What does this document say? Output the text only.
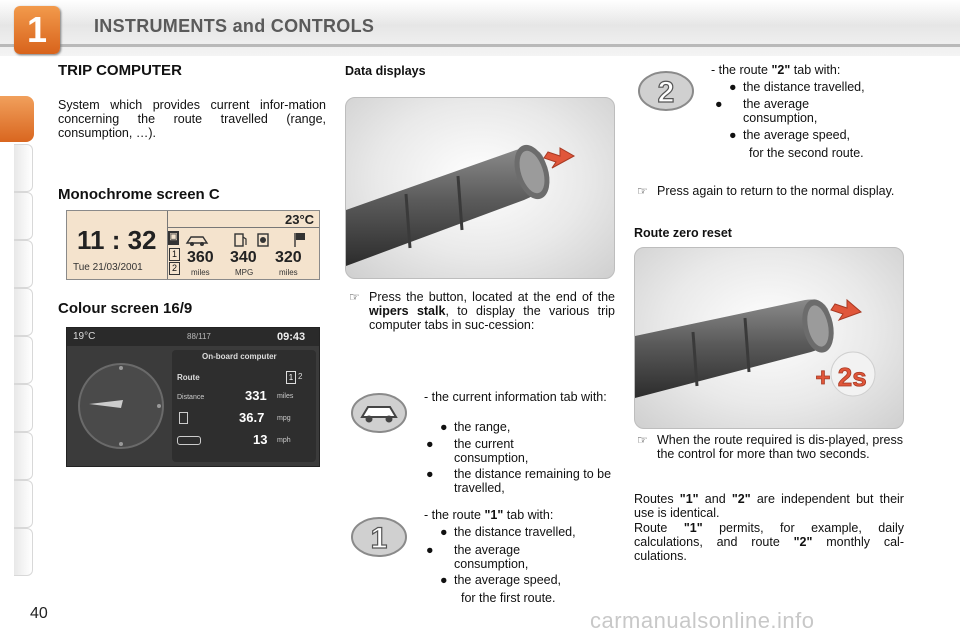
1	INSTRUMENTS and CONTROLS
TRIP COMPUTER
System which provides current infor-mation concerning the route travelled (range, consumption, …).
Monochrome screen C
11 : 32
Tue 21/03/2001
23°C
▣
1
2
360 340 320
miles	MPG	miles
Colour screen 16/9
19°C	88/117	09:43
On-board computer
Route	1 2
Distance	331 miles
36.7 mpg
13 mph
Data displays
☞ Press the button, located at the end of the wipers stalk, to display the various trip computer tabs in suc-cession:
- the current information tab with:
● the range,
● the current consumption,
● the distance remaining to be travelled,
1
- the route "1" tab with:
● the distance travelled,
● the average consumption,
● the average speed,
for the first route.
2
- the route "2" tab with:
● the distance travelled,
● the average consumption,
● the average speed,
for the second route.
☞ Press again to return to the normal display.
Route zero reset
+ 2s
☞ When the route required is dis-played, press the control for more than two seconds.
Routes "1" and "2" are independent but their use is identical.
Route "1" permits, for example, daily calculations, and route "2" monthly cal-culations.
40	carmanualsonline.info
